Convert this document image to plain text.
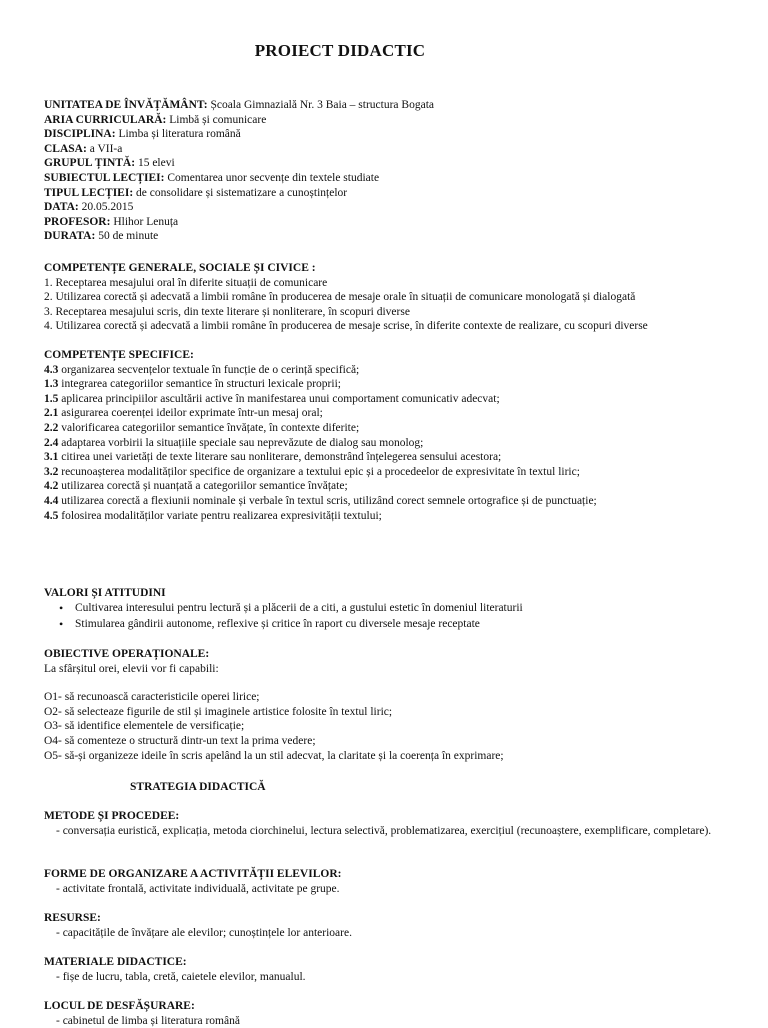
PROIECT DIDACTIC
UNITATEA DE ÎNVĂȚĂMÂNT: Școala Gimnazială Nr. 3 Baia – structura Bogata
ARIA CURRICULARĂ: Limbă și comunicare
DISCIPLINA: Limba și literatura română
CLASA: a VII-a
GRUPUL ȚINTĂ: 15 elevi
SUBIECTUL LECȚIEI: Comentarea unor secvențe din textele studiate
TIPUL LECȚIEI: de consolidare și sistematizare a cunoștințelor
DATA: 20.05.2015
PROFESOR: Hlihor Lenuța
DURATA: 50 de minute
COMPETENȚE GENERALE, SOCIALE ȘI CIVICE :
1. Receptarea mesajului oral în diferite situații de comunicare
2. Utilizarea corectă și adecvată a limbii române în producerea de mesaje orale în situații de comunicare monologată și dialogată
3. Receptarea mesajului scris, din texte literare și nonliterare, în scopuri diverse
4. Utilizarea corectă și adecvată a limbii române în producerea de mesaje scrise, în diferite contexte de realizare, cu scopuri diverse
COMPETENȚE SPECIFICE:
4.3 organizarea secvențelor textuale în funcție de o cerință specifică;
1.3 integrarea categoriilor semantice în structuri lexicale proprii;
1.5 aplicarea principiilor ascultării active în manifestarea unui comportament comunicativ adecvat;
2.1 asigurarea coerenței ideilor exprimate într-un mesaj oral;
2.2 valorificarea categoriilor semantice învățate, în contexte diferite;
2.4 adaptarea vorbirii la situațiile speciale sau neprevăzute de dialog sau monolog;
3.1 citirea unei varietăți de texte literare sau nonliterare, demonstrând înțelegerea sensului acestora;
3.2 recunoașterea modalităților specifice de organizare a textului epic și a procedeelor de expresivitate în textul liric;
4.2 utilizarea corectă și nuanțată a categoriilor semantice învățate;
4.4 utilizarea corectă a flexiunii nominale și verbale în textul scris, utilizând corect semnele ortografice și de punctuație;
4.5 folosirea modalităților variate pentru realizarea expresivității textului;
VALORI ȘI ATITUDINI
• Cultivarea interesului pentru lectură și a plăcerii de a citi, a gustului estetic în domeniul literaturii
• Stimularea gândirii autonome, reflexive și critice în raport cu diversele mesaje receptate
OBIECTIVE OPERAȚIONALE:
La sfârșitul orei, elevii vor fi capabili:
O1- să recunoască caracteristicile operei lirice;
O2- să selecteaze figurile de stil și imaginele artistice folosite în textul liric;
O3- să identifice elementele de versificație;
O4- să comenteze o structură dintr-un text la prima vedere;
O5- să-și organizeze ideile în scris apelând la un stil adecvat, la claritate și la coerența în exprimare;
STRATEGIA DIDACTICĂ
METODE ȘI PROCEDEE:
- conversația euristică, explicația, metoda ciorchinelui, lectura selectivă, problematizarea, exercițiul (recunoaștere, exemplificare, completare).
FORME DE ORGANIZARE A ACTIVITĂȚII ELEVILOR:
- activitate frontală, activitate individuală, activitate pe grupe.
RESURSE:
- capacitățile de învățare ale elevilor; cunoștințele lor anterioare.
MATERIALE DIDACTICE:
- fișe de lucru, tabla, cretă, caietele elevilor, manualul.
LOCUL DE DESFĂȘURARE:
- cabinetul de limba și literatura română
